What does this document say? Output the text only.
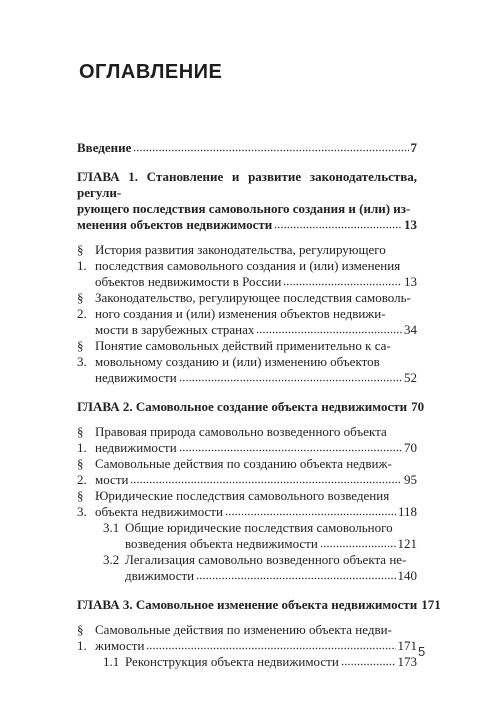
ОГЛАВЛЕНИЕ
Введение	7
ГЛАВА 1. Становление и развитие законодательства, регули-
рующего последствия самовольного создания и (или) из-
менения объектов недвижимости	13
§ 1.
История развития законодательства, регулирующего
последствия самовольного создания и (или) изменения
объектов недвижимости в России	13
§ 2.
Законодательство, регулирующее последствия самоволь-
ного создания и (или) изменения объектов недвижи-
мости в зарубежных странах	34
§ 3.
Понятие самовольных действий применительно к са-
мовольному созданию и (или) изменению объектов
недвижимости	52
ГЛАВА 2. Самовольное создание объекта недвижимости 70
§ 1.
Правовая природа самовольно возведенного объекта
недвижимости	70
§ 2.
Самовольные действия по созданию объекта недвиж-
мости	95
§ 3.
Юридические последствия самовольного возведения
объекта недвижимости	118
3.1 Общие юридические последствия самовольного
возведения объекта недвижимости	121
3.2 Легализация самовольно возведенного объекта не-
движимости	140
ГЛАВА 3. Самовольное изменение объекта недвижимости 171
§ 1.
Самовольные действия по изменению объекта недви-
жимости	171
1.1 Реконструкция объекта недвижимости	173
5
